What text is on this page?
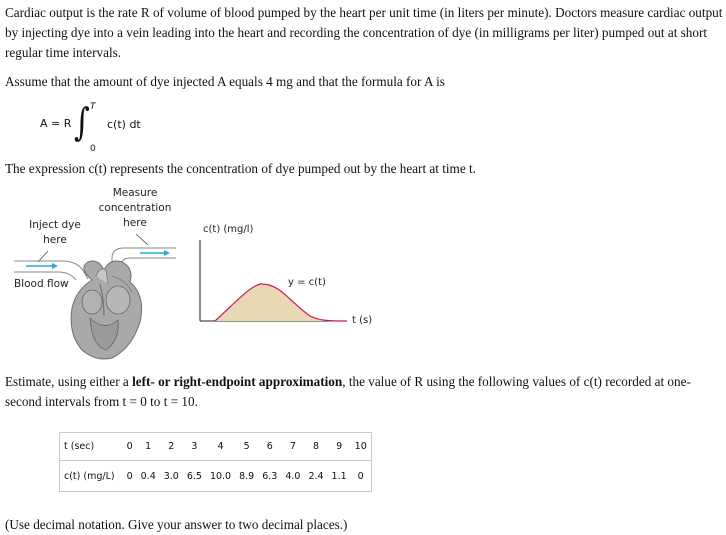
Cardiac output is the rate R of volume of blood pumped by the heart per unit time (in liters per minute). Doctors measure cardiac output by injecting dye into a vein leading into the heart and recording the concentration of dye (in milligrams per liter) pumped out at short regular time intervals.
Assume that the amount of dye injected A equals 4 mg and that the formula for A is
A = R ∫ T
0
c(t) dt
The expression c(t) represents the concentration of dye pumped out by the heart at time t.
Measure
concentration
here
Inject dye
here
Blood flow
c(t) (mg/l)
y = c(t)
t (s)
Estimate, using either a left- or right-endpoint approximation, the value of R using the following values of c(t) recorded at one-second intervals from t = 0 to t = 10.
t (sec)	0	1	2	3	4	5	6	7	8	9	10
c(t) (mg/L)	0	0.4	3.0	6.5	10.0	8.9	6.3	4.0	2.4	1.1	0
(Use decimal notation. Give your answer to two decimal places.)
